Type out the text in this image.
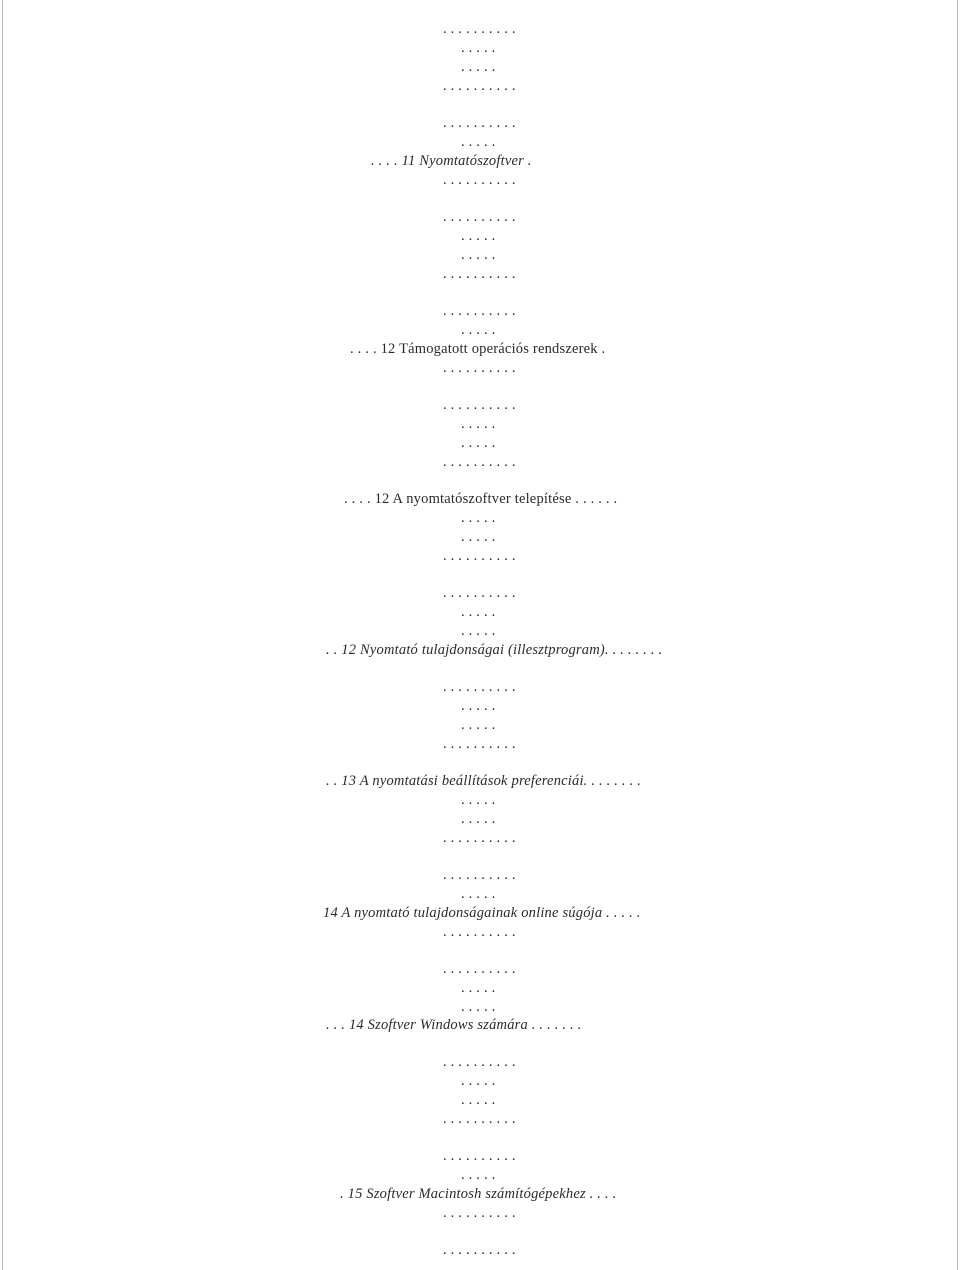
. . . . . . . . . .
. . . . .
. . . . .
. . . . . . . . . .
. . . . . . . . . .
. . . . .
. . . . 11 Nyomtatószoftver .
. . . . . . . . . .
. . . . . . . . . .
. . . . .
. . . . .
. . . . . . . . . .
. . . . . . . . . .
. . . . .
. . . . 12 Támogatott operációs rendszerek .
. . . . . . . . . .
. . . . . . . . . .
. . . . .
. . . . .
. . . . . . . . . .
. . . . 12 A nyomtatószoftver telepítése . . . . . .
. . . . .
. . . . .
. . . . . . . . . .
. . . . . . . . . .
. . . . .
. . . . .
. . 12 Nyomtató tulajdonságai (illesztprogram). . . . . . . .
. . . . . . . . . .
. . . . .
. . . . .
. . . . . . . . . .
. . 13 A nyomtatási beállítások preferenciái. . . . . . . .
. . . . .
. . . . .
. . . . . . . . . .
. . . . . . . . . .
. . . . .
14 A nyomtató tulajdonságainak online súgója . . . . .
. . . . . . . . . .
. . . . . . . . . .
. . . . .
. . . . .
. . . 14 Szoftver Windows számára . . . . . . .
. . . . . . . . . .
. . . . .
. . . . .
. . . . . . . . . .
. . . . . . . . . .
. . . . .
. 15 Szoftver Macintosh számítógépekhez . . . .
. . . . . . . . . .
. . . . . . . . . .
